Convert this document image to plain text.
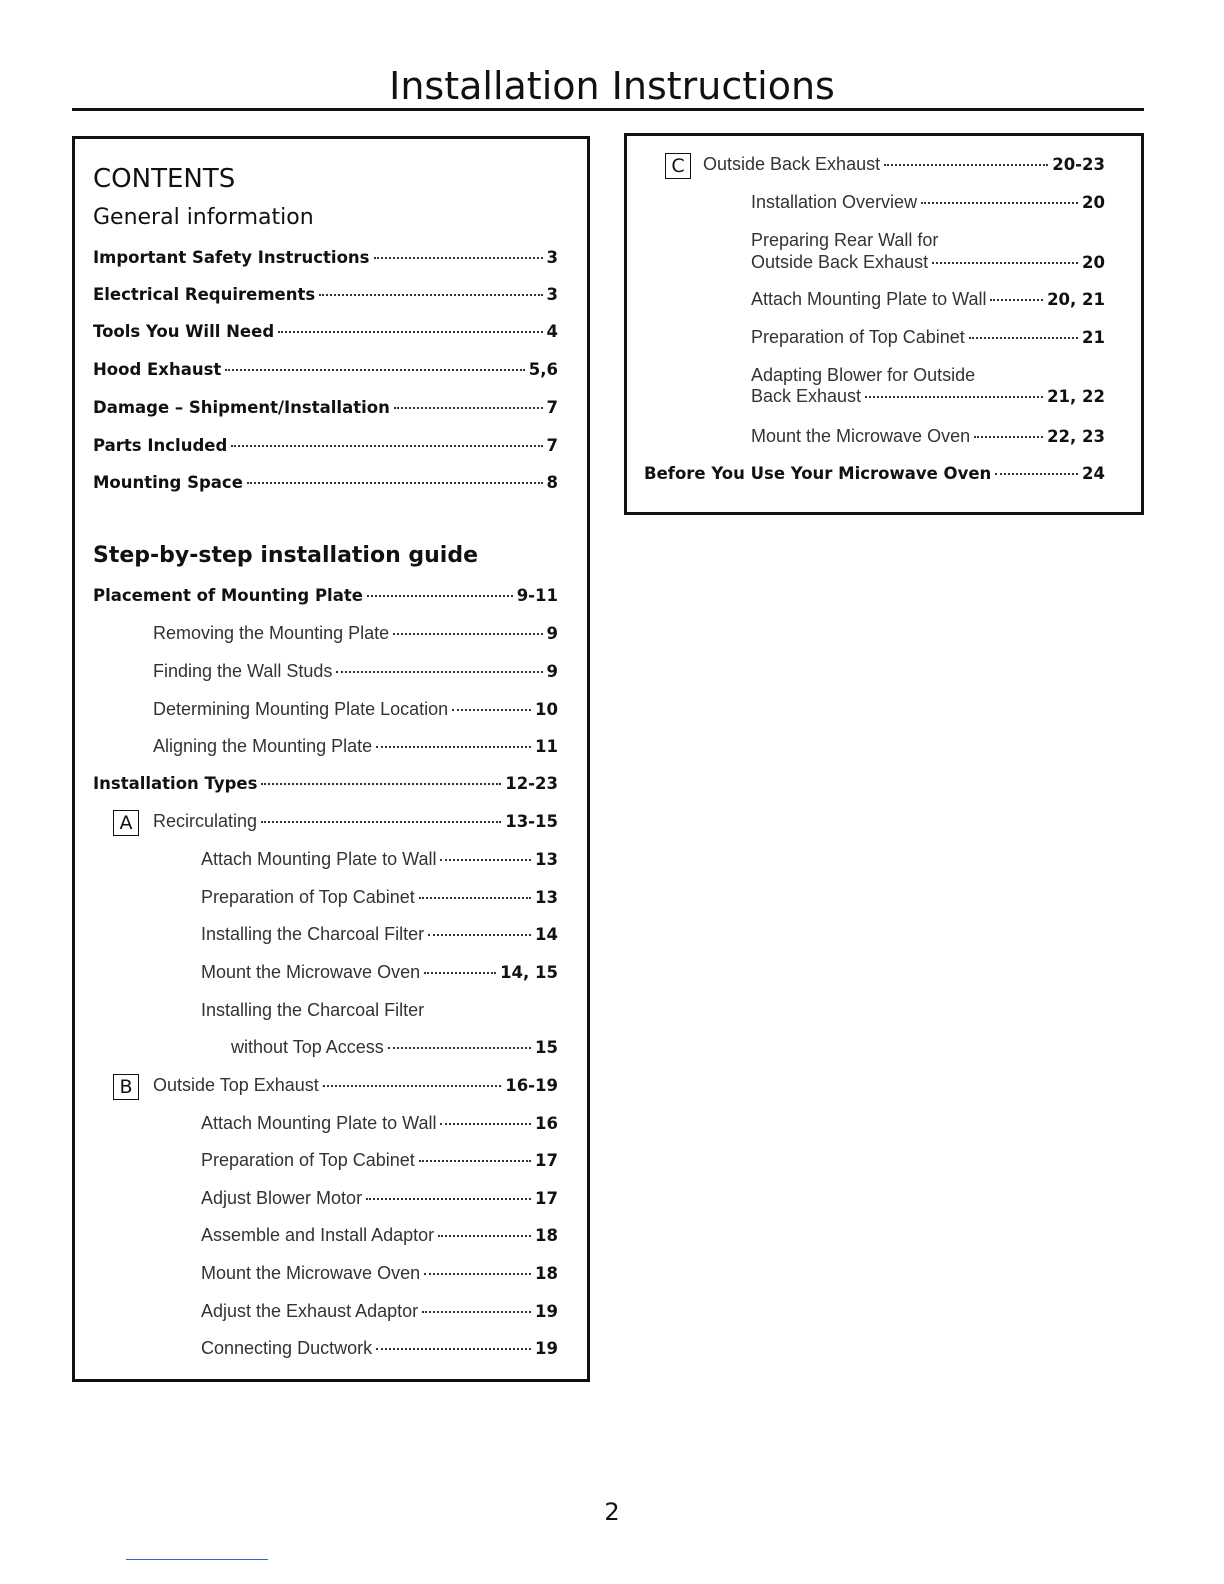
Installation Instructions
CONTENTS
General information
Important Safety Instructions	3
Electrical Requirements	3
Tools You Will Need	4
Hood Exhaust	5,6
Damage – Shipment/Installation	7
Parts Included	7
Mounting Space	8
Step-by-step installation guide
Placement of Mounting Plate	9-11
Removing the Mounting Plate	9
Finding the Wall Studs	9
Determining Mounting Plate Location	10
Aligning the Mounting Plate	11
Installation Types	12-23
A	Recirculating	13-15
Attach Mounting Plate to Wall	13
Preparation of Top Cabinet	13
Installing the Charcoal Filter	14
Mount the Microwave Oven	14, 15
Installing the Charcoal Filter
without Top Access	15
B	Outside Top Exhaust	16-19
Attach Mounting Plate to Wall	16
Preparation of Top Cabinet	17
Adjust Blower Motor	17
Assemble and Install Adaptor	18
Mount the Microwave Oven	18
Adjust the Exhaust Adaptor	19
Connecting Ductwork	19
C	Outside Back Exhaust	20-23
Installation Overview	20
Preparing Rear Wall for
Outside Back Exhaust	20
Attach Mounting Plate to Wall	20, 21
Preparation of Top Cabinet	21
Adapting Blower for Outside
Back Exhaust	21, 22
Mount the Microwave Oven	22, 23
Before You Use Your Microwave Oven	24
2
